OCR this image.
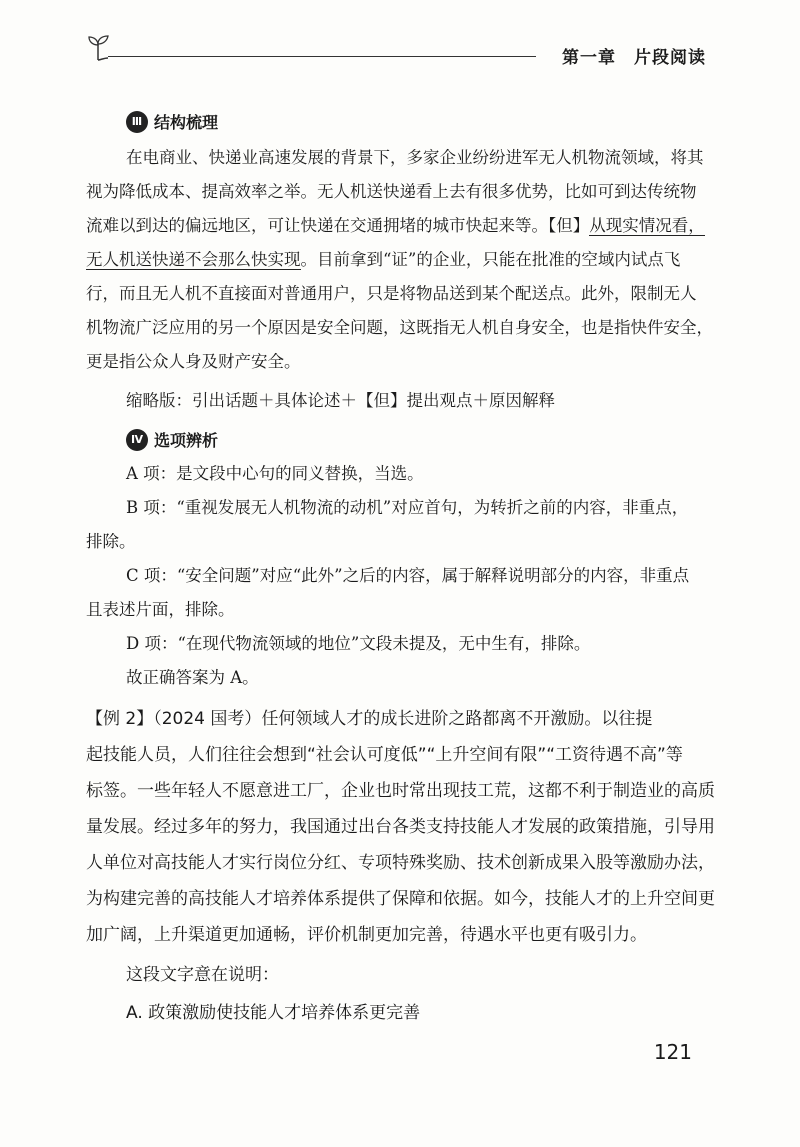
第一章 片段阅读
Ⅲ 结构梳理
在电商业、快递业高速发展的背景下，多家企业纷纷进军无人机物流领域，将其
视为降低成本、提高效率之举。无人机送快递看上去有很多优势，比如可到达传统物
流难以到达的偏远地区，可让快递在交通拥堵的城市快起来等。【但】从现实情况看，
无人机送快递不会那么快实现。目前拿到“证”的企业，只能在批准的空域内试点飞
行，而且无人机不直接面对普通用户，只是将物品送到某个配送点。此外，限制无人
机物流广泛应用的另一个原因是安全问题，这既指无人机自身安全，也是指快件安全，
更是指公众人身及财产安全。
缩略版：引出话题＋具体论述＋【但】提出观点＋原因解释
Ⅳ 选项辨析
A 项：是文段中心句的同义替换，当选。
B 项：“重视发展无人机物流的动机”对应首句，为转折之前的内容，非重点，
排除。
C 项：“安全问题”对应“此外”之后的内容，属于解释说明部分的内容，非重点
且表述片面，排除。
D 项：“在现代物流领域的地位”文段未提及，无中生有，排除。
故正确答案为 A。
【例 2】（2024 国考）任何领域人才的成长进阶之路都离不开激励。以往提
起技能人员，人们往往会想到“社会认可度低”“上升空间有限”“工资待遇不高”等
标签。一些年轻人不愿意进工厂，企业也时常出现技工荒，这都不利于制造业的高质
量发展。经过多年的努力，我国通过出台各类支持技能人才发展的政策措施，引导用
人单位对高技能人才实行岗位分红、专项特殊奖励、技术创新成果入股等激励办法，
为构建完善的高技能人才培养体系提供了保障和依据。如今，技能人才的上升空间更
加广阔，上升渠道更加通畅，评价机制更加完善，待遇水平也更有吸引力。
这段文字意在说明：
A. 政策激励使技能人才培养体系更完善
121
